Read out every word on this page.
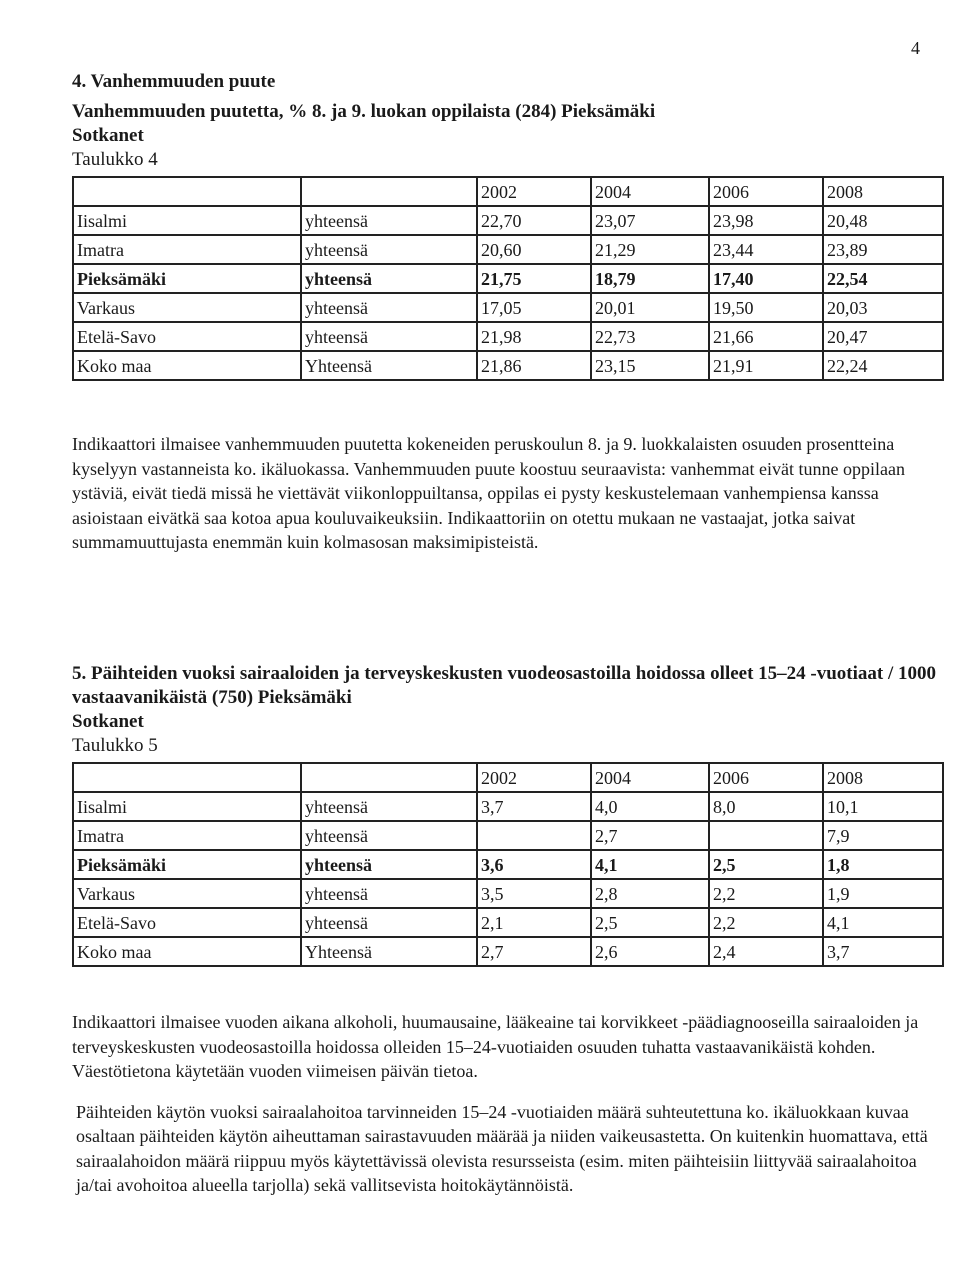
4
4. Vanhemmuuden puute
Vanhemmuuden puutetta, % 8. ja 9. luokan oppilaista (284) Pieksämäki
Sotkanet
Taulukko 4
		2002	2004	2006	2008
Iisalmi	yhteensä	22,70	23,07	23,98	20,48
Imatra	yhteensä	20,60	21,29	23,44	23,89
Pieksämäki	yhteensä	21,75	18,79	17,40	22,54
Varkaus	yhteensä	17,05	20,01	19,50	20,03
Etelä-Savo	yhteensä	21,98	22,73	21,66	20,47
Koko maa	Yhteensä	21,86	23,15	21,91	22,24

Indikaattori ilmaisee vanhemmuuden puutetta kokeneiden peruskoulun 8. ja 9. luokkalaisten osuuden prosentteina kyselyyn vastanneista ko. ikäluokassa. Vanhemmuuden puute koostuu seuraavista: vanhemmat eivät tunne oppilaan ystäviä, eivät tiedä missä he viettävät viikonloppuiltansa, oppilas ei pysty keskustelemaan vanhempiensa kanssa asioistaan eivätkä saa kotoa apua kouluvaikeuksiin. Indikaattoriin on otettu mukaan ne vastaajat, jotka saivat summamuuttujasta enemmän kuin kolmasosan maksimipisteistä.

5. Päihteiden vuoksi sairaaloiden ja terveyskeskusten vuodeosastoilla hoidossa olleet 15–24 -vuotiaat / 1000 vastaavanikäistä (750) Pieksämäki
Sotkanet
Taulukko 5
		2002	2004	2006	2008
Iisalmi	yhteensä	3,7	4,0	8,0	10,1
Imatra	yhteensä		2,7		7,9
Pieksämäki	yhteensä	3,6	4,1	2,5	1,8
Varkaus	yhteensä	3,5	2,8	2,2	1,9
Etelä-Savo	yhteensä	2,1	2,5	2,2	4,1
Koko maa	Yhteensä	2,7	2,6	2,4	3,7

Indikaattori ilmaisee vuoden aikana alkoholi, huumausaine, lääkeaine tai korvikkeet -päädiagnooseilla sairaaloiden ja terveyskeskusten vuodeosastoilla hoidossa olleiden 15–24-vuotiaiden osuuden tuhatta vastaavanikäistä kohden. Väestötietona käytetään vuoden viimeisen päivän tietoa.

Päihteiden käytön vuoksi sairaalahoitoa tarvinneiden 15–24 -vuotiaiden määrä suhteutettuna ko. ikäluokkaan kuvaa osaltaan päihteiden käytön aiheuttaman sairastavuuden määrää ja niiden vaikeusastetta. On kuitenkin huomattava, että sairaalahoidon määrä riippuu myös käytettävissä olevista resursseista (esim. miten päihteisiin liittyvää sairaalahoitoa ja/tai avohoitoa alueella tarjolla) sekä vallitsevista hoitokäytännöistä.
